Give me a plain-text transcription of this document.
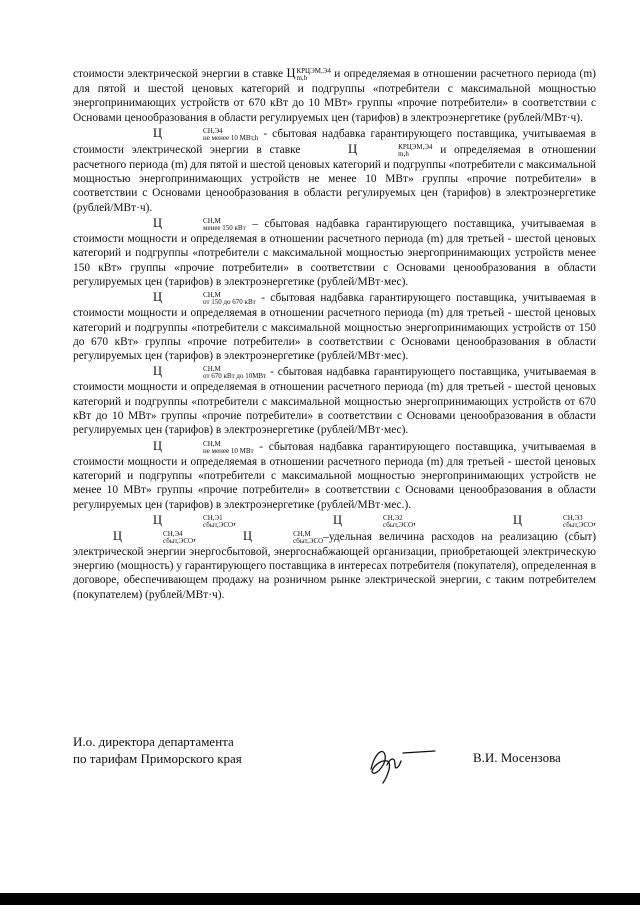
стоимости электрической энергии в ставке Ц КРЦЭМ,Э4
m,h	и определяемая в отношении расчетного периода (m) для пятой и шестой ценовых категорий и подгруппы «потребители с максимальной мощностью энергопринимающих устройств от 670 кВт до 10 МВт» группы «прочие потребители» в соответствии с Основами ценообразования в области регулируемых цен (тарифов) в электроэнергетике (рублей/МВт·ч).

Ц	СН,Э4
не менее 10 МВт,h - сбытовая надбавка гарантирующего поставщика, учитываемая в стоимости электрической энергии в ставке	Ц	КРЦЭМ,Э4
m,h	и определяемая в отношении расчетного периода (m) для пятой и шестой ценовых категорий и подгруппы «потребители с максимальной мощностью энергопринимающих устройств не менее 10 МВт» группы «прочие потребители» в соответствии с Основами ценообразования в области регулируемых цен (тарифов) в электроэнергетике (рублей/МВт·ч).

Ц	СН,М
менее 150 кВт – сбытовая надбавка гарантирующего поставщика, учитываемая в стоимости мощности и определяемая в отношении расчетного периода (m) для третьей - шестой ценовых категорий и подгруппы «потребители с максимальной мощностью энергопринимающих устройств менее 150 кВт» группы «прочие потребители» в соответствии с Основами ценообразования в области регулируемых цен (тарифов) в электроэнергетике (рублей/МВт·мес).

Ц	СН,М
от 150 до 670 кВт - сбытовая надбавка гарантирующего поставщика, учитываемая в стоимости мощности и определяемая в отношении расчетного периода (m) для третьей - шестой ценовых категорий и подгруппы «потребители с максимальной мощностью энергопринимающих устройств от 150 до 670 кВт» группы «прочие потребители» в соответствии с Основами ценообразования в области регулируемых цен (тарифов) в электроэнергетике (рублей/МВт·мес).

Ц	СН,М
от 670 кВт до 10МВт - сбытовая надбавка гарантирующего поставщика, учитываемая в стоимости мощности и определяемая в отношении расчетного периода (m) для третьей - шестой ценовых категорий и подгруппы «потребители с максимальной мощностью энергопринимающих устройств от 670 кВт до 10 МВт» группы «прочие потребители» в соответствии с Основами ценообразования в области регулируемых цен (тарифов) в электроэнергетике (рублей/МВт·мес).

Ц	СН,М
не менее 10 МВт - сбытовая надбавка гарантирующего поставщика, учитываемая в стоимости мощности и определяемая в отношении расчетного периода (m) для третьей - шестой ценовых категорий и подгруппы «потребители с максимальной мощностью энергопринимающих устройств не менее 10 МВт» группы «прочие потребители» в соответствии с Основами ценообразования в области регулируемых цен (тарифов) в электроэнергетике (рублей/МВт·мес.).

Ц	СН,Э1
сбыт,ЭСО ,	Ц	СН,Э2
сбыт,ЭСО ,	Ц	СН,Э3
сбыт,ЭСО , Ц	СН,Э4
сбыт,ЭСО ,	Ц	СН,М
сбыт,ЭСО –удельная величина расходов на реализацию (сбыт) электрической энергии энергосбытовой, энергоснабжающей организации, приобретающей электрическую энергию (мощность) у гарантирующего поставщика в интересах потребителя (покупателя), определенная в договоре, обеспечивающем продажу на розничном рынке электрической энергии, с таким потребителем (покупателем) (рублей/МВт·ч).

И.о. директора департамента
по тарифам Приморского края	В.И. Мосензова
